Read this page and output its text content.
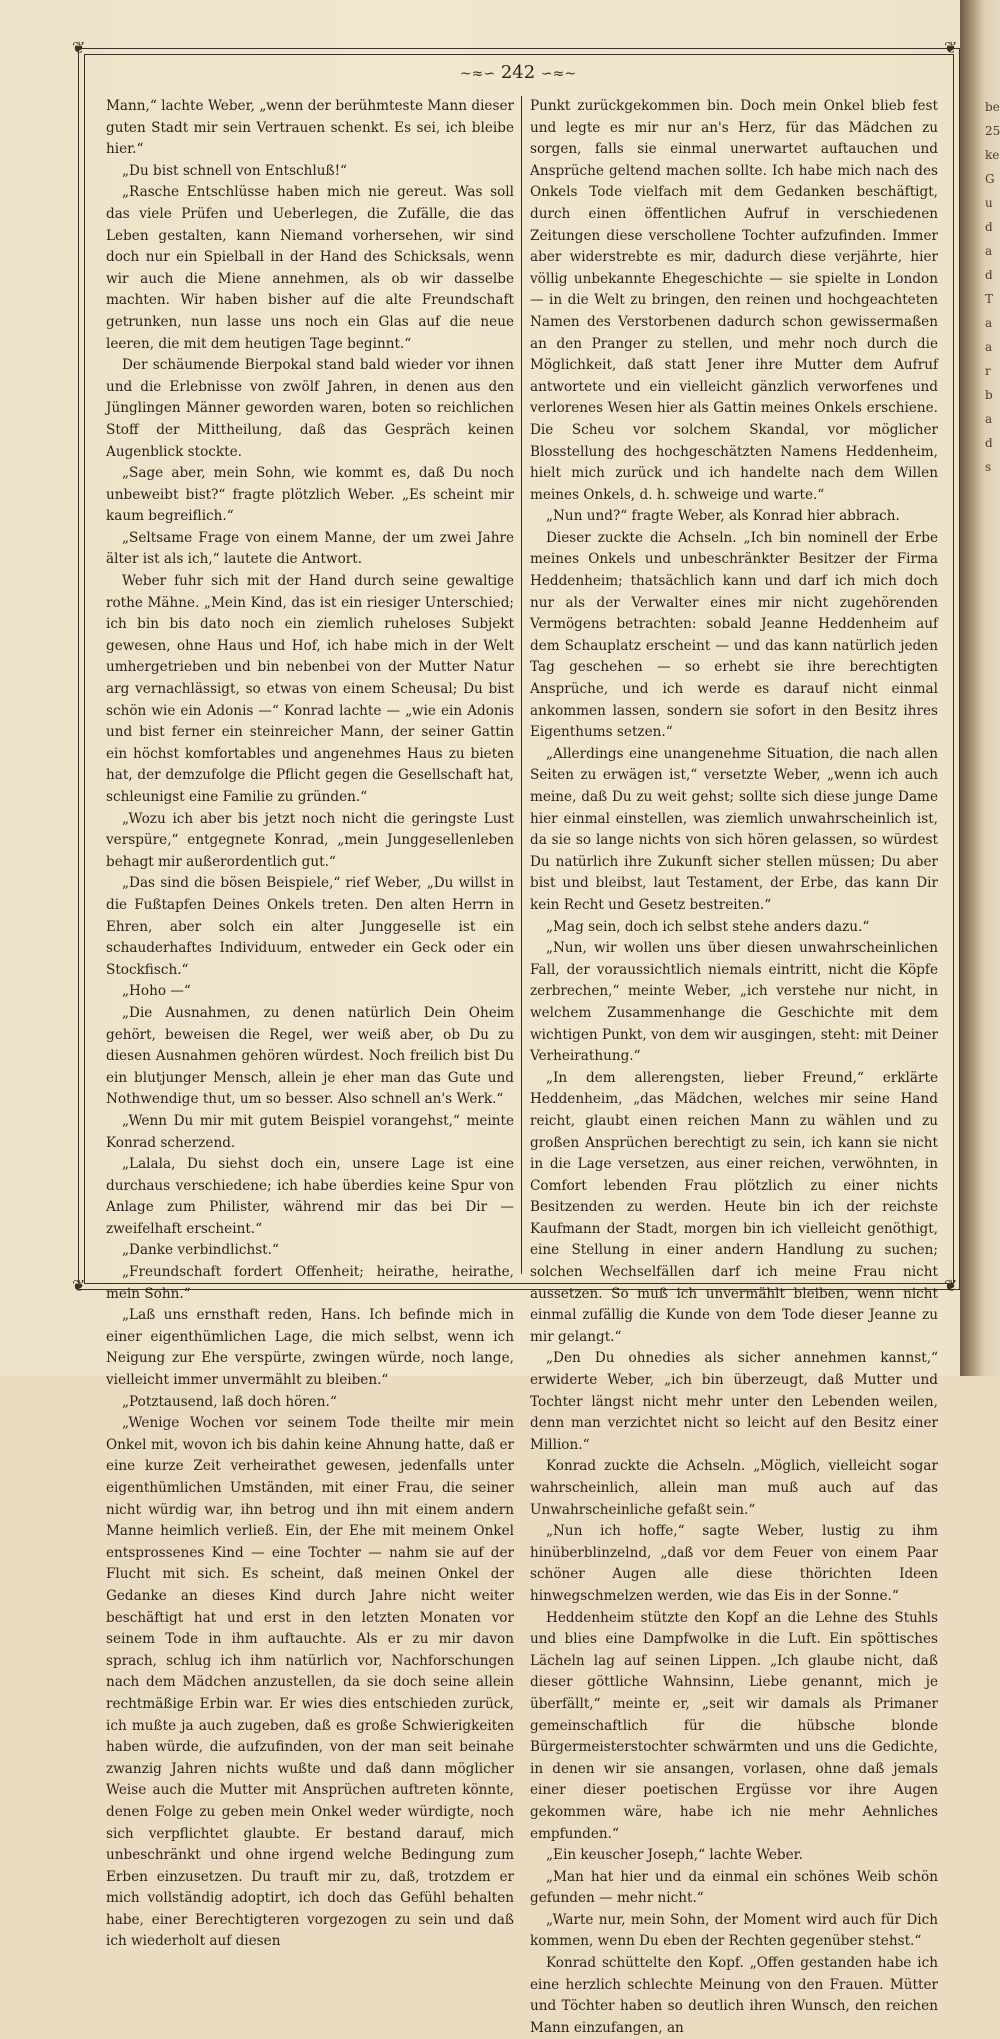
❦	❦
❦	❦
~≈∽ 242 ∽≈~

Mann,“ lachte Weber, „wenn der berühmteste Mann dieser guten Stadt mir sein Vertrauen schenkt. Es sei, ich bleibe hier.“

„Du bist schnell von Entschluß!“

„Rasche Entschlüsse haben mich nie gereut. Was soll das viele Prüfen und Ueberlegen, die Zufälle, die das Leben gestalten, kann Niemand vorhersehen, wir sind doch nur ein Spielball in der Hand des Schicksals, wenn wir auch die Miene annehmen, als ob wir dasselbe machten. Wir haben bisher auf die alte Freundschaft getrunken, nun lasse uns noch ein Glas auf die neue leeren, die mit dem heutigen Tage beginnt.“

Der schäumende Bierpokal stand bald wieder vor ihnen und die Erlebnisse von zwölf Jahren, in denen aus den Jünglingen Männer geworden waren, boten so reichlichen Stoff der Mittheilung, daß das Gespräch keinen Augenblick stockte.

„Sage aber, mein Sohn, wie kommt es, daß Du noch unbeweibt bist?“ fragte plötzlich Weber. „Es scheint mir kaum begreiflich.“

„Seltsame Frage von einem Manne, der um zwei Jahre älter ist als ich,“ lautete die Antwort.

Weber fuhr sich mit der Hand durch seine gewaltige rothe Mähne. „Mein Kind, das ist ein riesiger Unterschied; ich bin bis dato noch ein ziemlich ruheloses Subjekt gewesen, ohne Haus und Hof, ich habe mich in der Welt umhergetrieben und bin nebenbei von der Mutter Natur arg vernachlässigt, so etwas von einem Scheusal; Du bist schön wie ein Adonis —“ Konrad lachte — „wie ein Adonis und bist ferner ein steinreicher Mann, der seiner Gattin ein höchst komfortables und angenehmes Haus zu bieten hat, der demzufolge die Pflicht gegen die Gesellschaft hat, schleunigst eine Familie zu gründen.“

„Wozu ich aber bis jetzt noch nicht die geringste Lust verspüre,“ entgegnete Konrad, „mein Junggesellenleben behagt mir außerordentlich gut.“

„Das sind die bösen Beispiele,“ rief Weber, „Du willst in die Fußtapfen Deines Onkels treten. Den alten Herrn in Ehren, aber solch ein alter Junggeselle ist ein schauderhaftes Individuum, entweder ein Geck oder ein Stockfisch.“

„Hoho —“

„Die Ausnahmen, zu denen natürlich Dein Oheim gehört, beweisen die Regel, wer weiß aber, ob Du zu diesen Ausnahmen gehören würdest. Noch freilich bist Du ein blutjunger Mensch, allein je eher man das Gute und Nothwendige thut, um so besser. Also schnell an's Werk.“

„Wenn Du mir mit gutem Beispiel vorangehst,“ meinte Konrad scherzend.

„Lalala, Du siehst doch ein, unsere Lage ist eine durchaus verschiedene; ich habe überdies keine Spur von Anlage zum Philister, während mir das bei Dir — zweifelhaft erscheint.“

„Danke verbindlichst.“

„Freundschaft fordert Offenheit; heirathe, heirathe, mein Sohn.“

„Laß uns ernsthaft reden, Hans. Ich befinde mich in einer eigenthümlichen Lage, die mich selbst, wenn ich Neigung zur Ehe verspürte, zwingen würde, noch lange, vielleicht immer unvermählt zu bleiben.“

„Potztausend, laß doch hören.“

„Wenige Wochen vor seinem Tode theilte mir mein Onkel mit, wovon ich bis dahin keine Ahnung hatte, daß er eine kurze Zeit verheirathet gewesen, jedenfalls unter eigenthümlichen Umständen, mit einer Frau, die seiner nicht würdig war, ihn betrog und ihn mit einem andern Manne heimlich verließ. Ein, der Ehe mit meinem Onkel entsprossenes Kind — eine Tochter — nahm sie auf der Flucht mit sich. Es scheint, daß meinen Onkel der Gedanke an dieses Kind durch Jahre nicht weiter beschäftigt hat und erst in den letzten Monaten vor seinem Tode in ihm auftauchte. Als er zu mir davon sprach, schlug ich ihm natürlich vor, Nachforschungen nach dem Mädchen anzustellen, da sie doch seine allein rechtmäßige Erbin war. Er wies dies entschieden zurück, ich mußte ja auch zugeben, daß es große Schwierigkeiten haben würde, die aufzufinden, von der man seit beinahe zwanzig Jahren nichts wußte und daß dann möglicher Weise auch die Mutter mit Ansprüchen auftreten könnte, denen Folge zu geben mein Onkel weder würdigte, noch sich verpflichtet glaubte. Er bestand darauf, mich unbeschränkt und ohne irgend welche Bedingung zum Erben einzusetzen. Du trauft mir zu, daß, trotzdem er mich vollständig adoptirt, ich doch das Gefühl behalten habe, einer Berechtigteren vorgezogen zu sein und daß ich wiederholt auf diesen

Punkt zurückgekommen bin. Doch mein Onkel blieb fest und legte es mir nur an's Herz, für das Mädchen zu sorgen, falls sie einmal unerwartet auftauchen und Ansprüche geltend machen sollte. Ich habe mich nach des Onkels Tode vielfach mit dem Gedanken beschäftigt, durch einen öffentlichen Aufruf in verschiedenen Zeitungen diese verschollene Tochter aufzufinden. Immer aber widerstrebte es mir, dadurch diese verjährte, hier völlig unbekannte Ehegeschichte — sie spielte in London — in die Welt zu bringen, den reinen und hochgeachteten Namen des Verstorbenen dadurch schon gewissermaßen an den Pranger zu stellen, und mehr noch durch die Möglichkeit, daß statt Jener ihre Mutter dem Aufruf antwortete und ein vielleicht gänzlich verworfenes und verlorenes Wesen hier als Gattin meines Onkels erschiene. Die Scheu vor solchem Skandal, vor möglicher Blosstellung des hochgeschätzten Namens Heddenheim, hielt mich zurück und ich handelte nach dem Willen meines Onkels, d. h. schweige und warte.“

„Nun und?“ fragte Weber, als Konrad hier abbrach.

Dieser zuckte die Achseln. „Ich bin nominell der Erbe meines Onkels und unbeschränkter Besitzer der Firma Heddenheim; thatsächlich kann und darf ich mich doch nur als der Verwalter eines mir nicht zugehörenden Vermögens betrachten: sobald Jeanne Heddenheim auf dem Schauplatz erscheint — und das kann natürlich jeden Tag geschehen — so erhebt sie ihre berechtigten Ansprüche, und ich werde es darauf nicht einmal ankommen lassen, sondern sie sofort in den Besitz ihres Eigenthums setzen.“

„Allerdings eine unangenehme Situation, die nach allen Seiten zu erwägen ist,“ versetzte Weber, „wenn ich auch meine, daß Du zu weit gehst; sollte sich diese junge Dame hier einmal einstellen, was ziemlich unwahrscheinlich ist, da sie so lange nichts von sich hören gelassen, so würdest Du natürlich ihre Zukunft sicher stellen müssen; Du aber bist und bleibst, laut Testament, der Erbe, das kann Dir kein Recht und Gesetz bestreiten.“

„Mag sein, doch ich selbst stehe anders dazu.“

„Nun, wir wollen uns über diesen unwahrscheinlichen Fall, der voraussichtlich niemals eintritt, nicht die Köpfe zerbrechen,“ meinte Weber, „ich verstehe nur nicht, in welchem Zusammenhange die Geschichte mit dem wichtigen Punkt, von dem wir ausgingen, steht: mit Deiner Verheirathung.“

„In dem allerengsten, lieber Freund,“ erklärte Heddenheim, „das Mädchen, welches mir seine Hand reicht, glaubt einen reichen Mann zu wählen und zu großen Ansprüchen berechtigt zu sein, ich kann sie nicht in die Lage versetzen, aus einer reichen, verwöhnten, in Comfort lebenden Frau plötzlich zu einer nichts Besitzenden zu werden. Heute bin ich der reichste Kaufmann der Stadt, morgen bin ich vielleicht genöthigt, eine Stellung in einer andern Handlung zu suchen; solchen Wechselfällen darf ich meine Frau nicht aussetzen. So muß ich unvermählt bleiben, wenn nicht einmal zufällig die Kunde von dem Tode dieser Jeanne zu mir gelangt.“

„Den Du ohnedies als sicher annehmen kannst,“ erwiderte Weber, „ich bin überzeugt, daß Mutter und Tochter längst nicht mehr unter den Lebenden weilen, denn man verzichtet nicht so leicht auf den Besitz einer Million.“

Konrad zuckte die Achseln. „Möglich, vielleicht sogar wahrscheinlich, allein man muß auch auf das Unwahrscheinliche gefaßt sein.“

„Nun ich hoffe,“ sagte Weber, lustig zu ihm hinüberblinzelnd, „daß vor dem Feuer von einem Paar schöner Augen alle diese thörichten Ideen hinwegschmelzen werden, wie das Eis in der Sonne.“

Heddenheim stützte den Kopf an die Lehne des Stuhls und blies eine Dampfwolke in die Luft. Ein spöttisches Lächeln lag auf seinen Lippen. „Ich glaube nicht, daß dieser göttliche Wahnsinn, Liebe genannt, mich je überfällt,“ meinte er, „seit wir damals als Primaner gemeinschaftlich für die hübsche blonde Bürgermeisterstochter schwärmten und uns die Gedichte, in denen wir sie ansangen, vorlasen, ohne daß jemals einer dieser poetischen Ergüsse vor ihre Augen gekommen wäre, habe ich nie mehr Aehnliches empfunden.“

„Ein keuscher Joseph,“ lachte Weber.

„Man hat hier und da einmal ein schönes Weib schön gefunden — mehr nicht.“

„Warte nur, mein Sohn, der Moment wird auch für Dich kommen, wenn Du eben der Rechten gegenüber stehst.“

Konrad schüttelte den Kopf. „Offen gestanden habe ich eine herzlich schlechte Meinung von den Frauen. Mütter und Töchter haben so deutlich ihren Wunsch, den reichen Mann einzufangen, an

be 25 ke G u d a d T a a r b a d s
